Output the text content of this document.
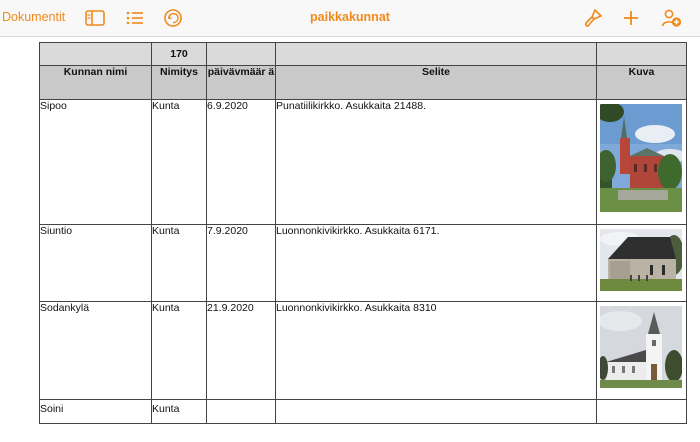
Dokumentit	paikkakunnat
	170			
Kunnan nimi	Nimitys	päivävmäär ä	Selite	Kuva
Sipoo	Kunta	6.9.2020	Punatiilikirkko. Asukkaita 21488.	

Siuntio	Kunta	7.9.2020	Luonnonkivikirkko. Asukkaita 6171.	

Sodankylä	Kunta	21.9.2020	Luonnonkivikirkko. Asukkaita 8310	

Soini	Kunta			
